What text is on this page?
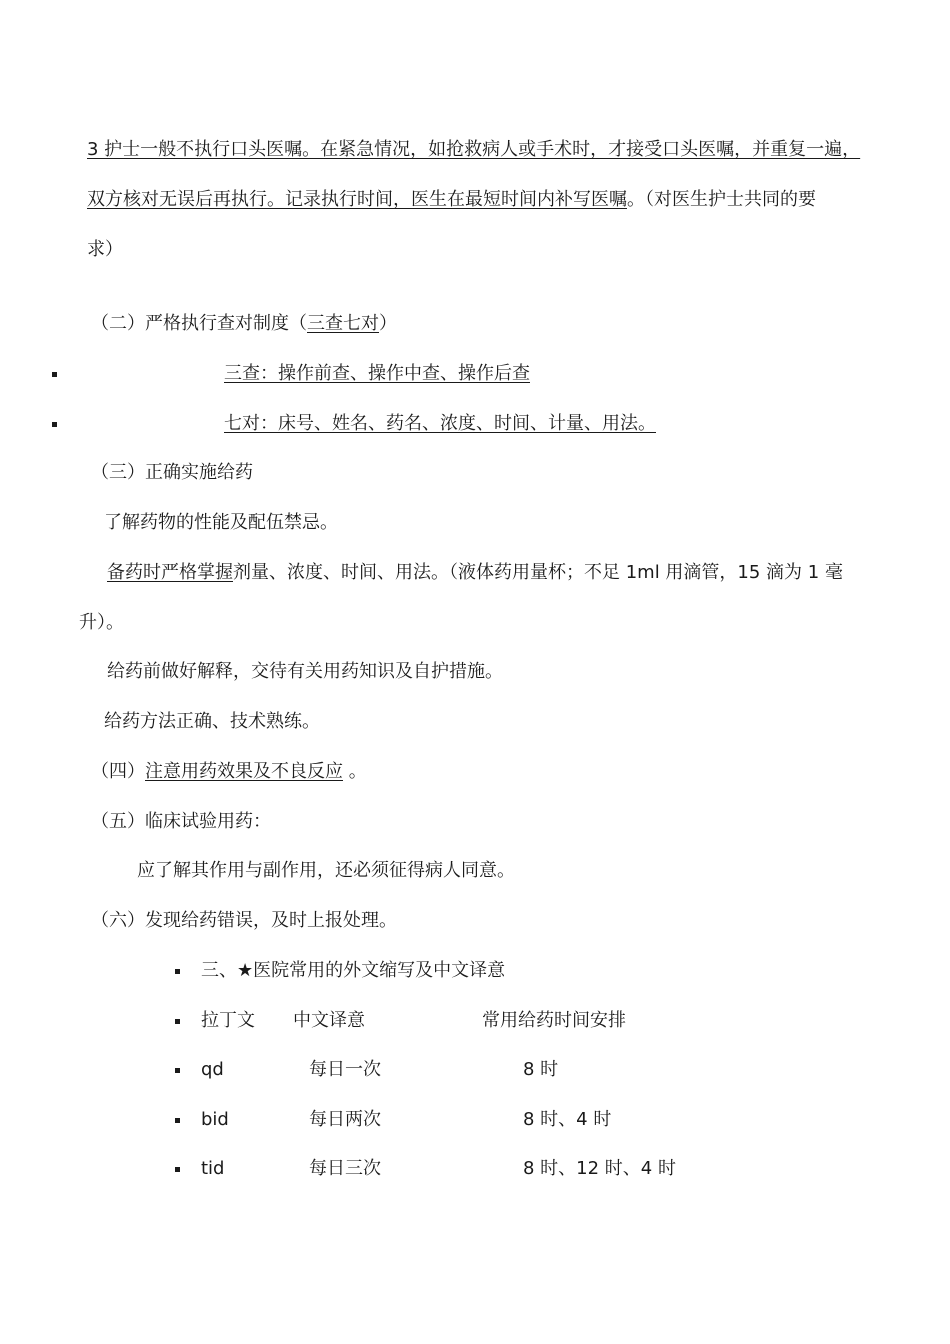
3 护士一般不执行口头医嘱。在紧急情况，如抢救病人或手术时，才接受口头医嘱，并重复一遍，
双方核对无误后再执行。记录执行时间，医生在最短时间内补写医嘱。（对医生护士共同的要
求）
（二）严格执行查对制度（三查七对）
三查：操作前查、操作中查、操作后查
七对：床号、姓名、药名、浓度、时间、计量、用法。
（三）正确实施给药
了解药物的性能及配伍禁忌。
备药时严格掌握剂量、浓度、时间、用法。（液体药用量杯；不足 1ml 用滴管，15 滴为 1 毫
升）。
给药前做好解释，交待有关用药知识及自护措施。
给药方法正确、技术熟练。
（四）注意用药效果及不良反应 。
（五）临床试验用药：
应了解其作用与副作用，还必须征得病人同意。
（六）发现给药错误，及时上报处理。
三、★医院常用的外文缩写及中文译意
拉丁文 中文译意	常用给药时间安排
qd	每日一次	8 时
bid	每日两次	8 时、4 时
tid	每日三次	8 时、12 时、4 时
